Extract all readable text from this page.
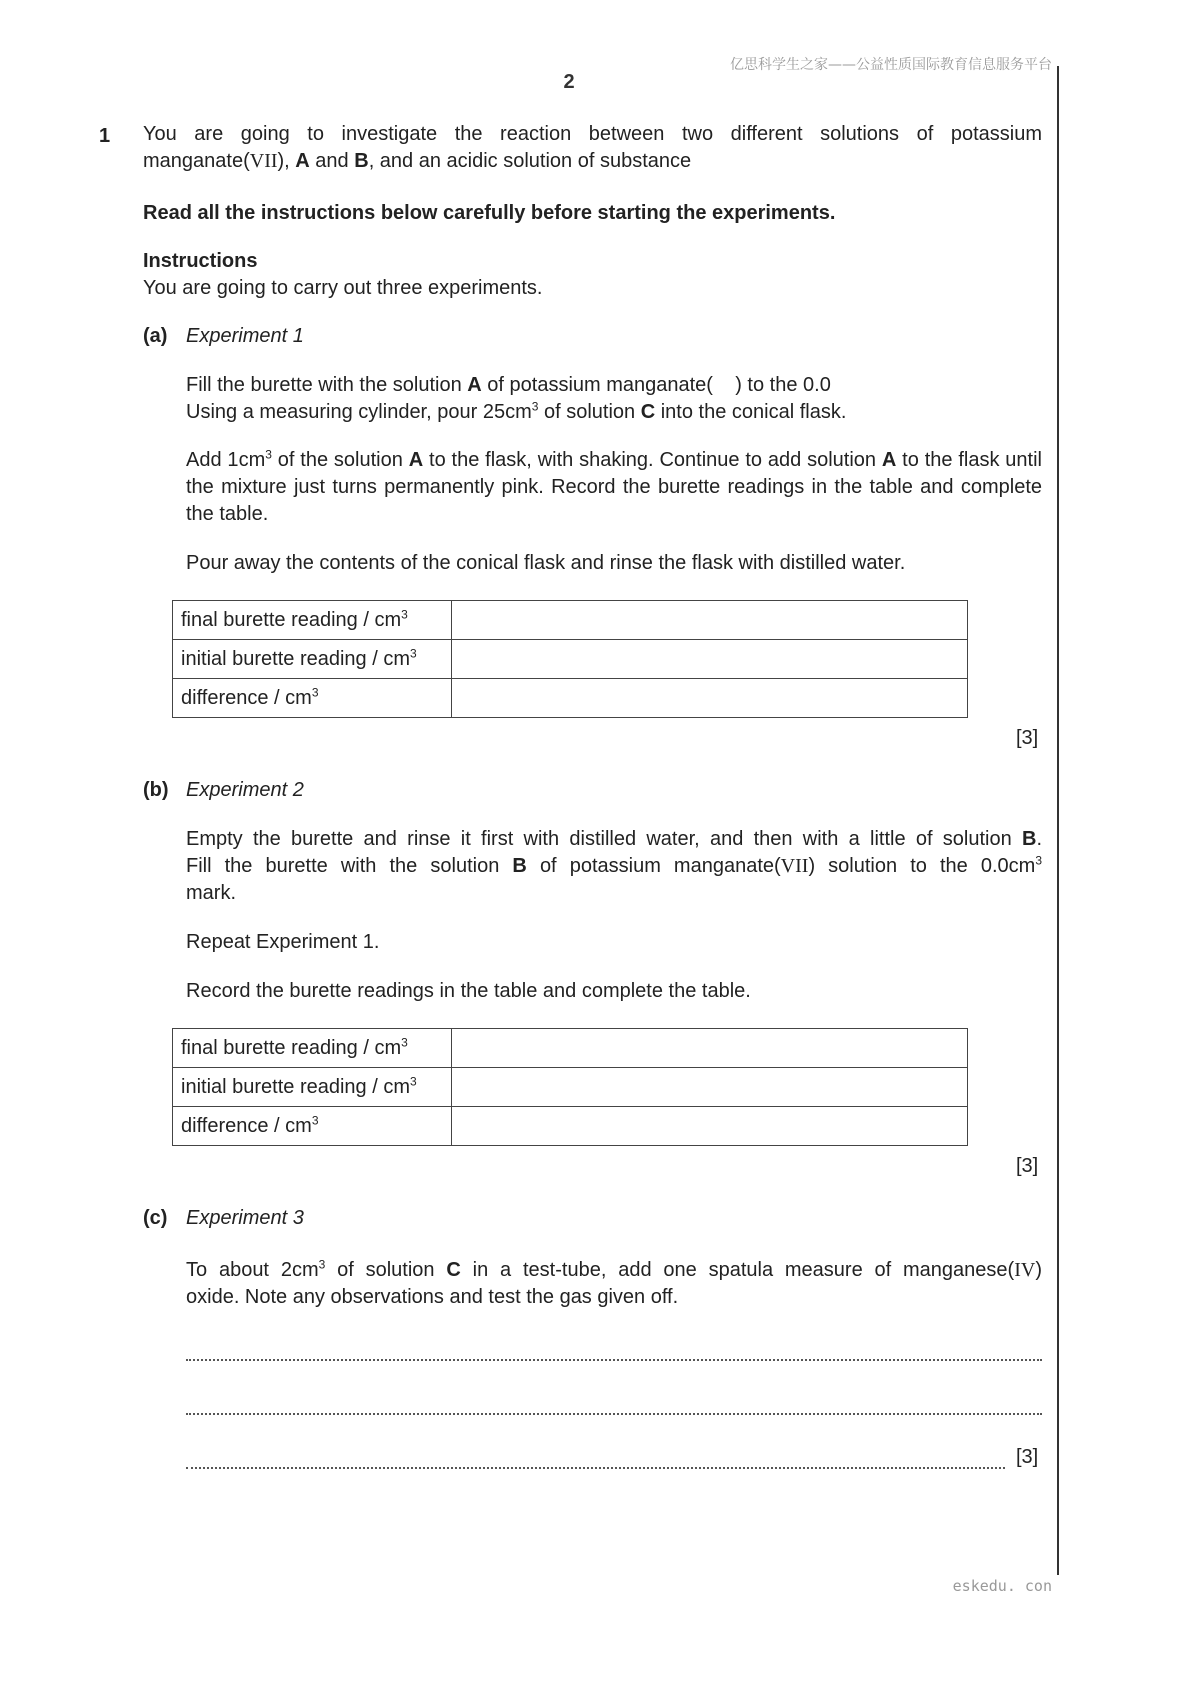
亿思科学生之家——公益性质国际教育信息服务平台
2
eskedu. con
1 You are going to investigate the reaction between two different solutions of potassium
manganate(VII), A and B, and an acidic solution of substance
Read all the instructions below carefully before starting the experiments.
Instructions
You are going to carry out three experiments.
(a) Experiment 1
Fill the burette with the solution A of potassium manganate(    ) to the 0.0
Using a measuring cylinder, pour $25cm^3$ of solution C into the conical flask.
Add $1cm^3$ of the solution A to the flask, with shaking. Continue to add solution A to the flask until the mixture just turns permanently pink. Record the burette readings in the table and complete the table.
Pour away the contents of the conical flask and rinse the flask with distilled water.
final burette reading / $cm^3$	
initial burette reading / $cm^3$	
difference / $cm^3$	
[3]
(b) Experiment 2
Empty the burette and rinse it first with distilled water, and then with a little of solution B.
Fill the burette with the solution B of potassium manganate(VII) solution to the $0.0cm^3$
mark.
Repeat Experiment 1.
Record the burette readings in the table and complete the table.
final burette reading / $cm^3$	
initial burette reading / $cm^3$	
difference / $cm^3$	
[3]
(c) Experiment 3
To about $2cm^3$ of solution C in a test-tube, add one spatula measure of manganese(IV)
oxide. Note any observations and test the gas given off.
[3]
